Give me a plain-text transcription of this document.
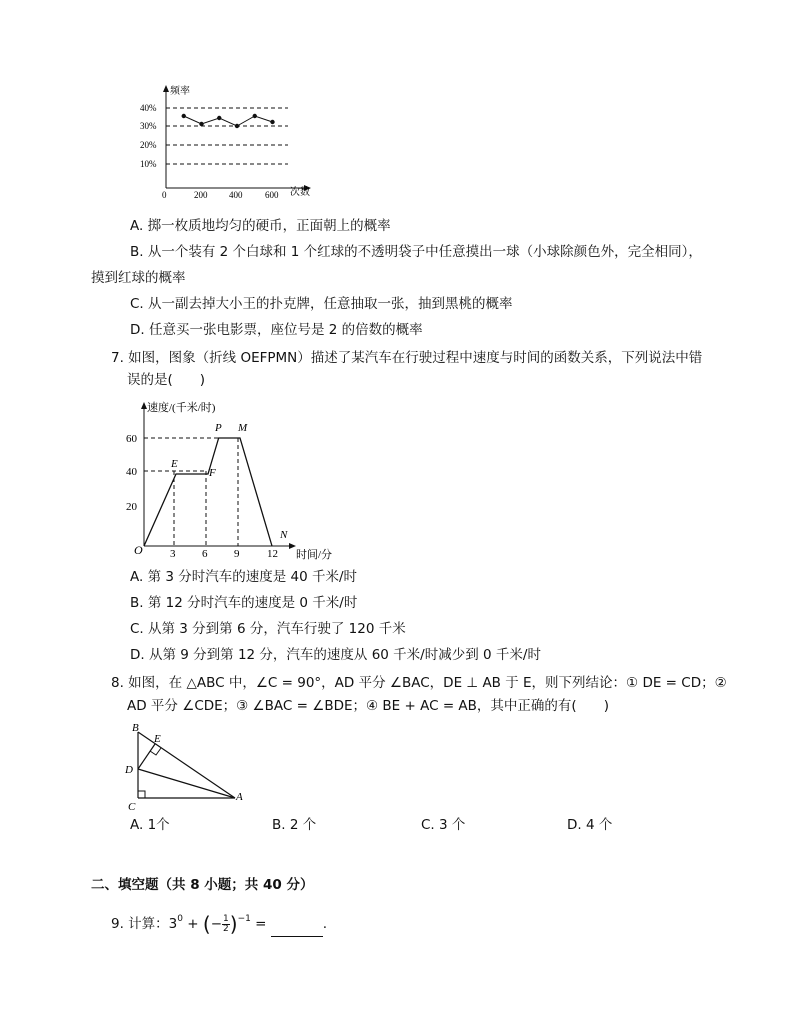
频率
40%
30%
20%
10%
0	200 400	600 次数
A. 掷一枚质地均匀的硬币，正面朝上的概率
B. 从一个装有 2 个白球和 1 个红球的不透明袋子中任意摸出一球（小球除颜色外，完全相同），
摸到红球的概率
C. 从一副去掉大小王的扑克牌，任意抽取一张，抽到黑桃的概率
D. 任意买一张电影票，座位号是 2 的倍数的概率
7. 如图，图象（折线 OEFPMN）描述了某汽车在行驶过程中速度与时间的函数关系，下列说法中错
误的是(　　)
速度/(千米/时)
60
40
20
O 3 6 9	12 时间/分
E
F
P M
N
A. 第 3 分时汽车的速度是 40 千米/时
B. 第 12 分时汽车的速度是 0 千米/时
C. 从第 3 分到第 6 分，汽车行驶了 120 千米
D. 从第 9 分到第 12 分，汽车的速度从 60 千米/时减少到 0 千米/时
8. 如图，在 △ABC 中，∠C = 90°，AD 平分 ∠BAC，DE ⊥ AB 于 E，则下列结论：① DE = CD；②
AD 平分 ∠CDE；③ ∠BAC = ∠BDE；④ BE + AC = AB，其中正确的有(　　)
B
E
D
C
A
A. 1个	B. 2 个	C. 3 个	D. 4 个
二、填空题（共 8 小题；共 40 分）
9. 计算：$3^0$ + (− $\frac{1}{2} )^{-1}$ =	.
